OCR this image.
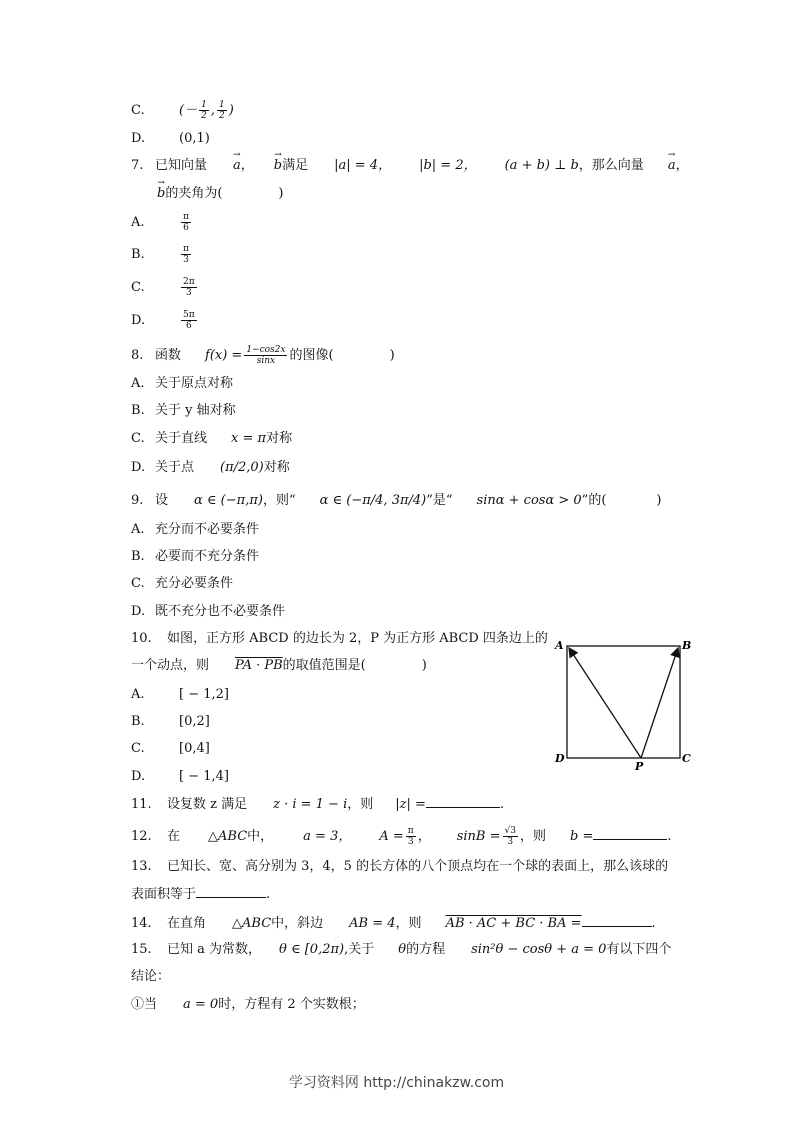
C.	(－ $\frac{1}{2}$ , $\frac{1}{2}$ )
D.	(0,1)
7. 已知向量 → a， → b满足 |a| = 4， |b| = 2， (a + b) ⊥ b，那么向量 → a，
→ b的夹角为(	)
A.	$\frac{\pi}{6}$
B.	$\frac{\pi}{3}$
C.	$\frac{2\pi}{3}$
D.	$\frac{5\pi}{6}$
8. 函数 $f(x) = \frac{1-\cos 2x}{\sin x}$ 的图像(	)
A. 关于原点对称
B. 关于 y 轴对称
C. 关于直线 x = π对称
D. 关于点 (π/2,0)对称
9. 设 α ∈ (−π,π)，则“ α ∈ (−π/4, 3π/4)”是“ sinα + cosα > 0”的(	)
A. 充分而不必要条件
B. 必要而不充分条件
C. 充分必要条件
D. 既不充分也不必要条件
10. 如图，正方形 ABCD 的边长为 2，P 为正方形 ABCD 四条边上的
一个动点，则 PA · PB的取值范围是(	)
A.	[ − 1,2]
B.	[0,2]
C.	[0,4]
D.	[ − 1,4]
A	B
C
D
P
11. 设复数 z 满足 z · i = 1 − i，则 |z| =	.
12. 在 △ABC中， a = 3， $A = \frac{\pi}{3}$ ， $\sin B = \frac{√3}{3}$ ，则 b =	.
13. 已知长、宽、高分别为 3，4，5 的长方体的八个顶点均在一个球的表面上，那么该球的
表面积等于	.
14. 在直角 △ABC中，斜边 AB = 4，则 AB · AC + BC · BA =	.
15. 已知 a 为常数， θ ∈ [0,2π),关于 θ的方程 sin²θ − cosθ + a = 0有以下四个
结论：
①当 a = 0时，方程有 2 个实数根；
学习资料网 http://chinakzw.com
